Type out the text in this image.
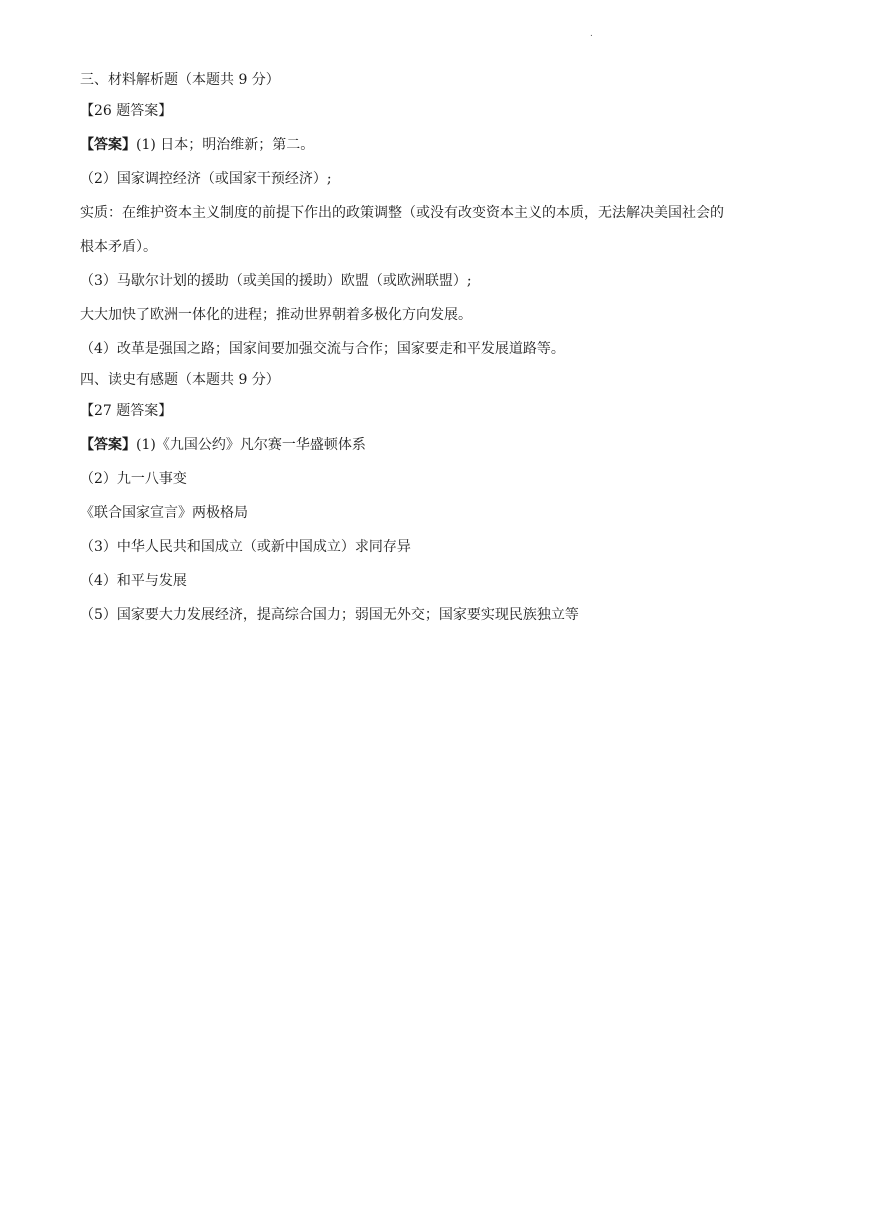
.
三、材料解析题（本题共 9 分）
【26 题答案】
【答案】(1) 日本；明治维新；第二。
（2）国家调控经济（或国家干预经济）;
实质：在维护资本主义制度的前提下作出的政策调整（或没有改变资本主义的本质，无法解决美国社会的
根本矛盾）。
（3）马歇尔计划的援助（或美国的援助）欧盟（或欧洲联盟）;
大大加快了欧洲一体化的进程；推动世界朝着多极化方向发展。
（4）改革是强国之路；国家间要加强交流与合作；国家要走和平发展道路等。
四、读史有感题（本题共 9 分）
【27 题答案】
【答案】(1)《九国公约》凡尔赛一华盛顿体系
（2）九一八事变
《联合国家宣言》两极格局
（3）中华人民共和国成立（或新中国成立）求同存异
（4）和平与发展
（5）国家要大力发展经济，提高综合国力；弱国无外交；国家要实现民族独立等
